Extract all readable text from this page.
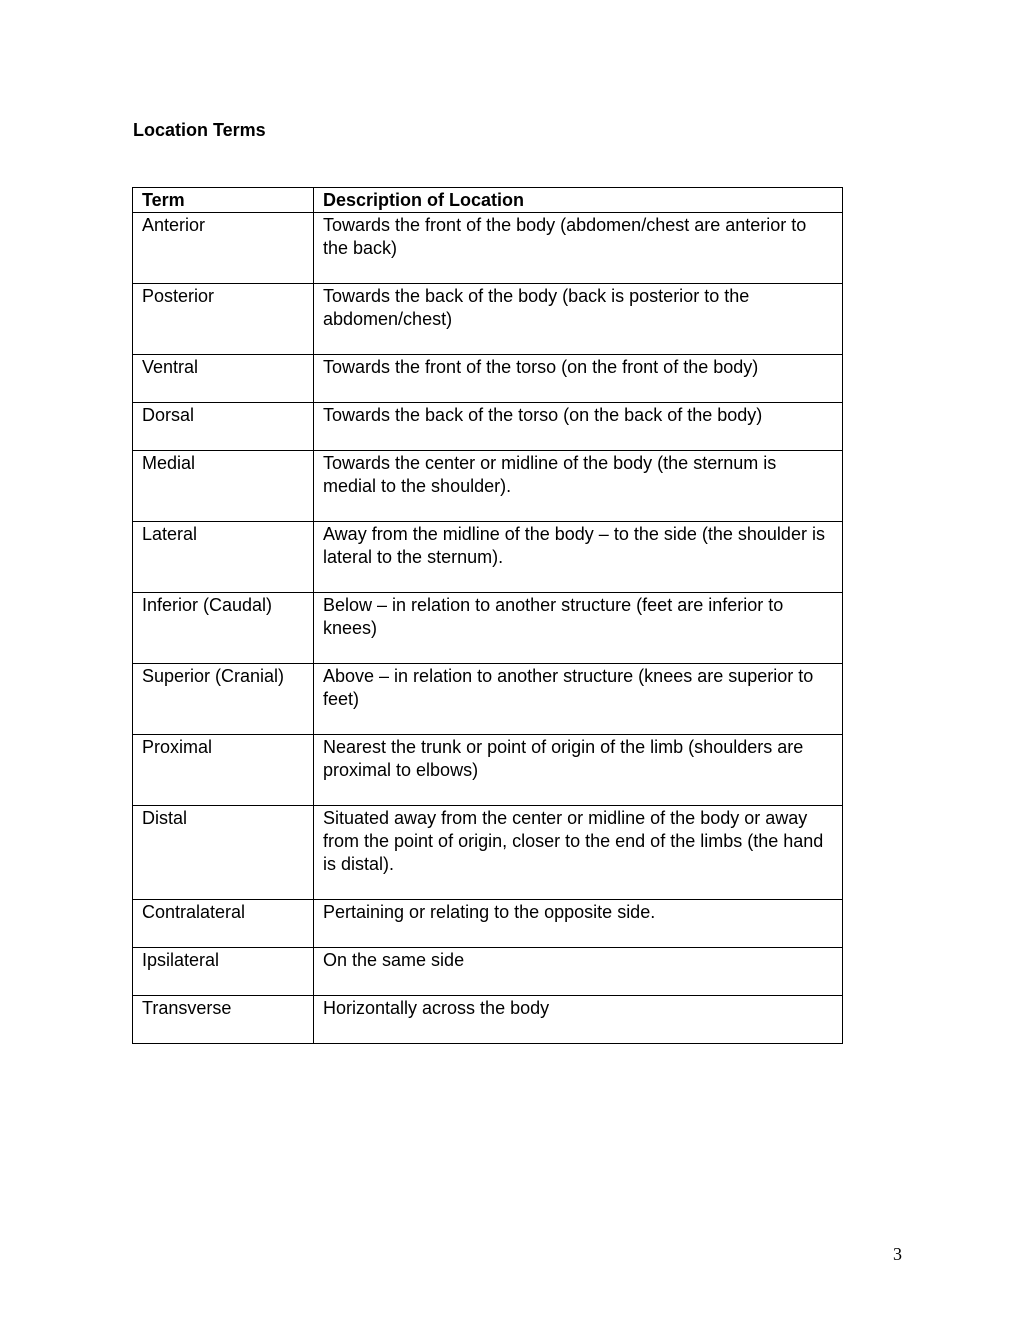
Location Terms
Term	Description of Location
Anterior	Towards the front of the body (abdomen/chest are anterior to the back)
Posterior	Towards the back of the body (back is posterior to the abdomen/chest)
Ventral	Towards the front of the torso (on the front of the body)
Dorsal	Towards the back of the torso (on the back of the body)
Medial	Towards the center or midline of the body (the sternum is medial to the shoulder).
Lateral	Away from the midline of the body – to the side (the shoulder is lateral to the sternum).
Inferior (Caudal)	Below – in relation to another structure (feet are inferior to knees)
Superior (Cranial)	Above – in relation to another structure (knees are superior to feet)
Proximal	Nearest the trunk or point of origin of the limb (shoulders are proximal to elbows)
Distal	Situated away from the center or midline of the body or away from the point of origin, closer to the end of the limbs (the hand is distal).
Contralateral	Pertaining or relating to the opposite side.
Ipsilateral	On the same side
Transverse	Horizontally across the body
3
